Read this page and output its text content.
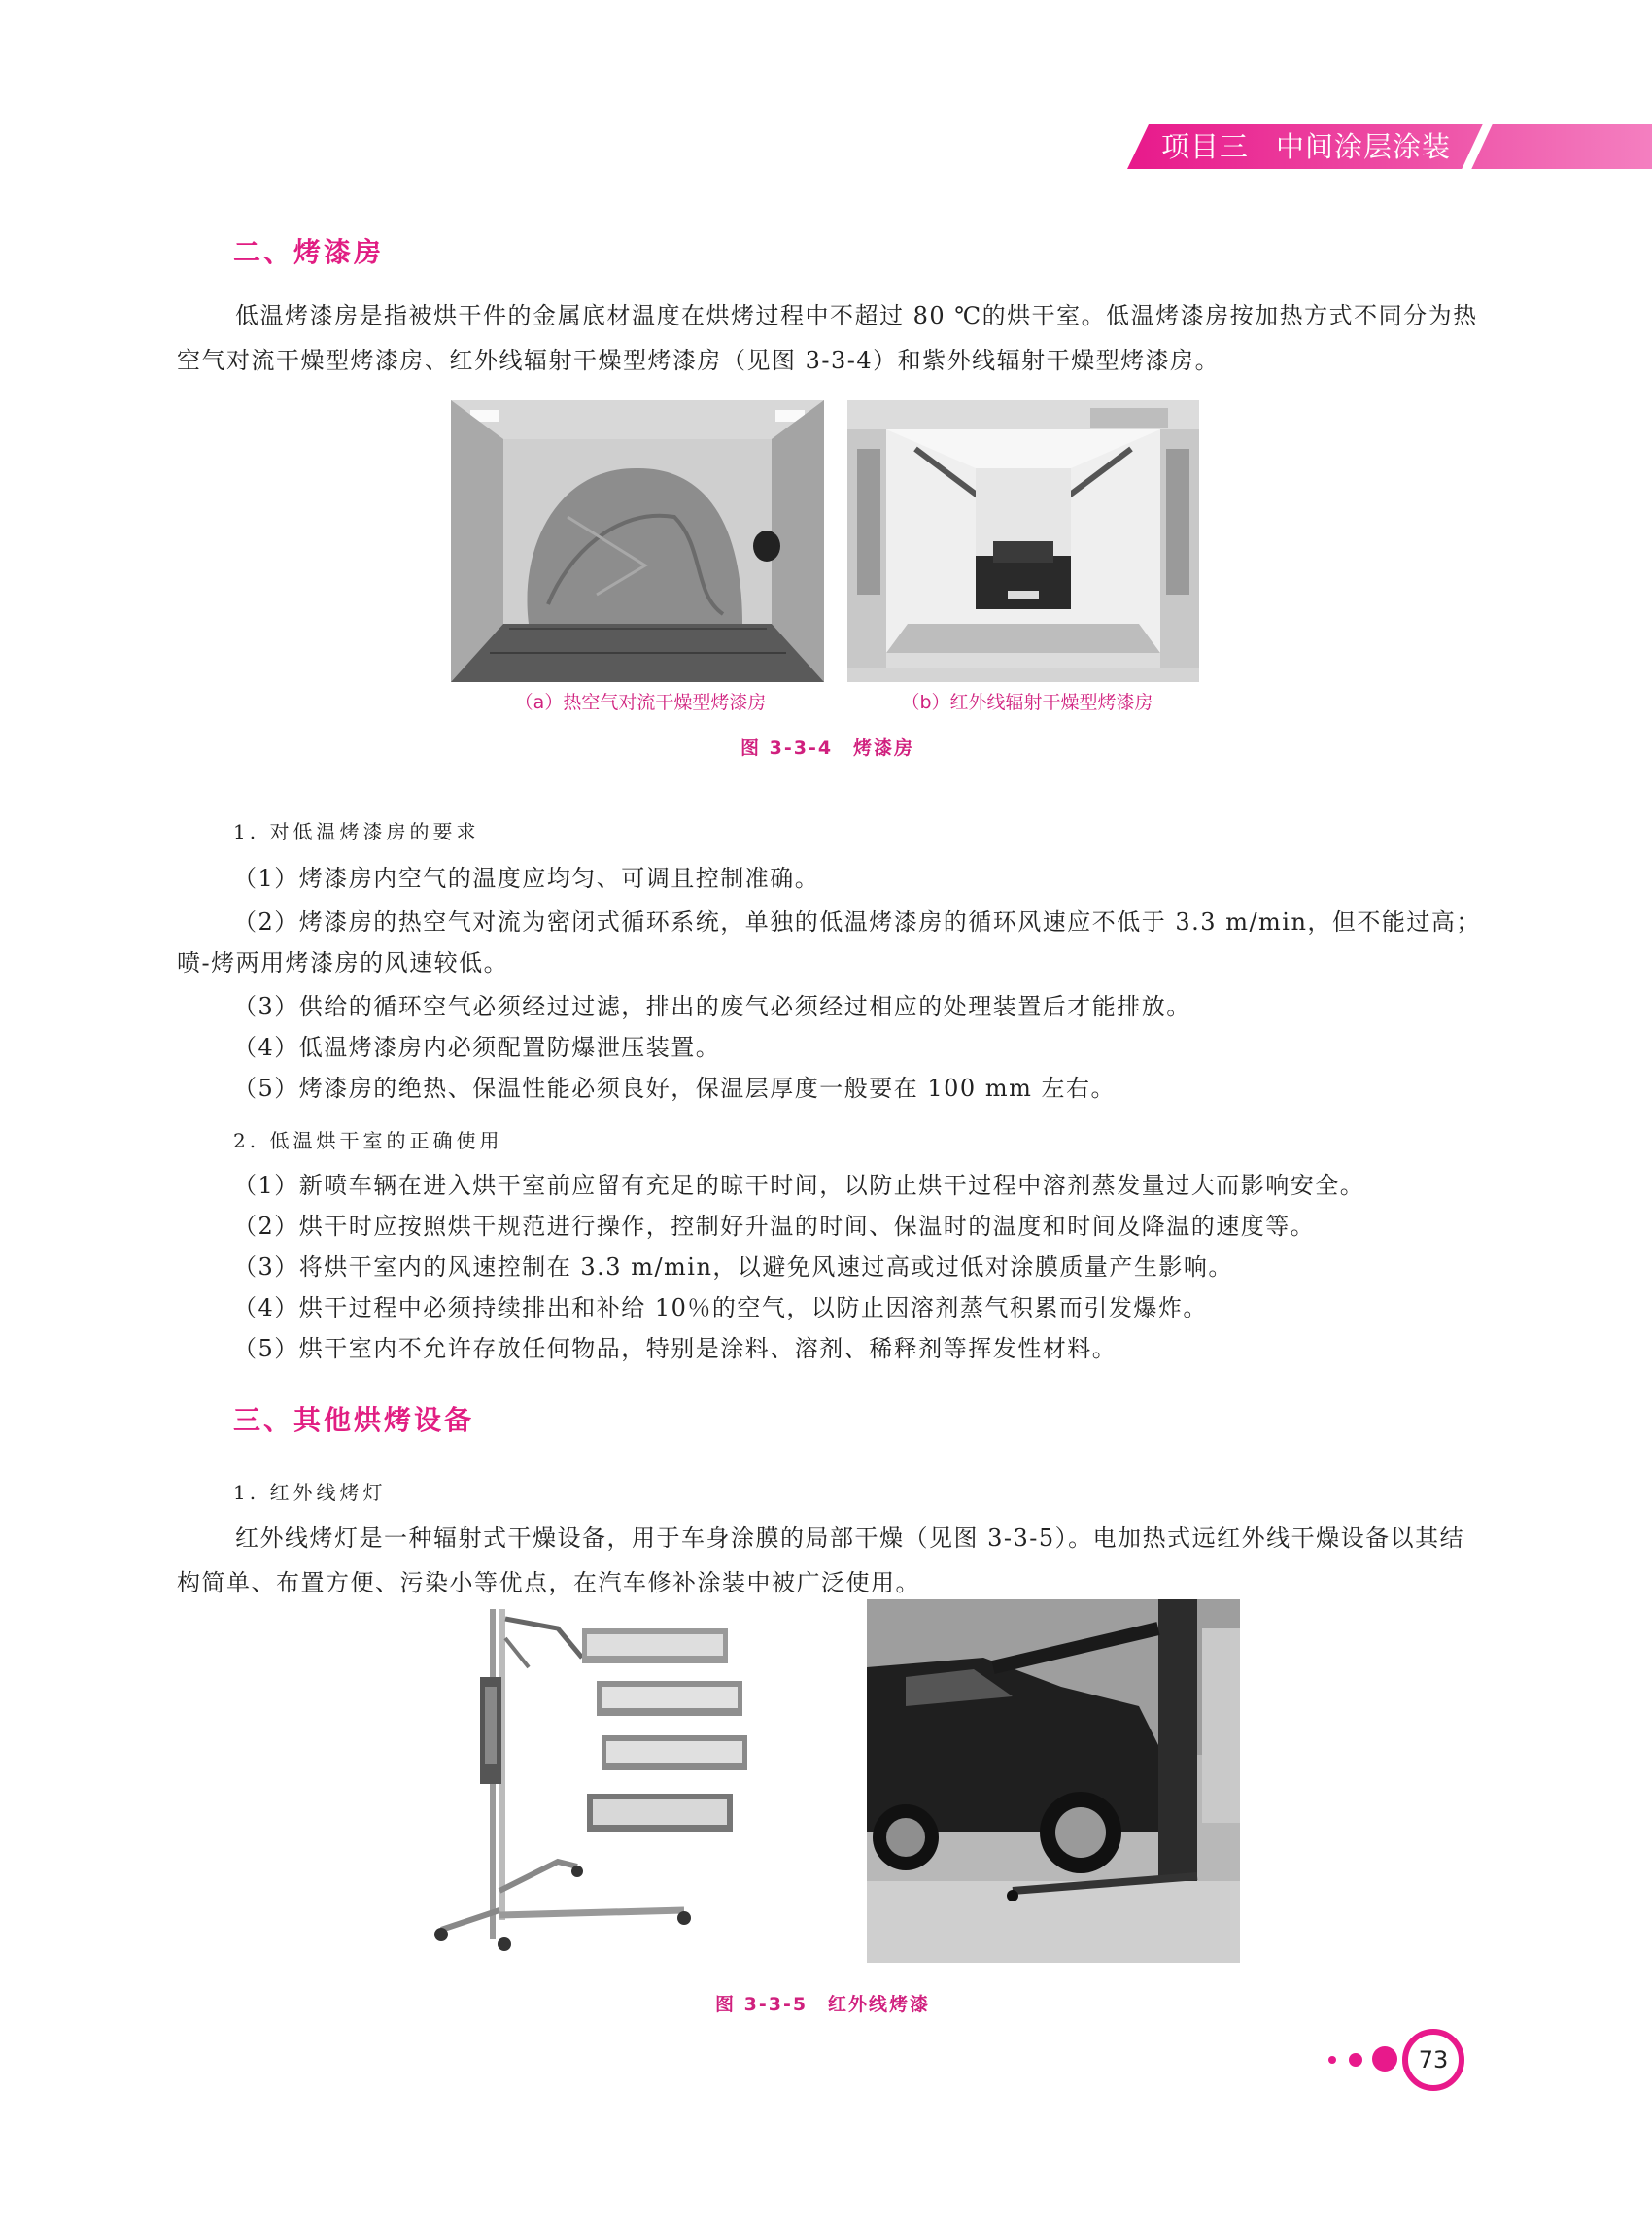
项目三 中间涂层涂装
二、烤漆房
低温烤漆房是指被烘干件的金属底材温度在烘烤过程中不超过 80 ℃的烘干室。低温烤漆房按加热方式不同分为热空气对流干燥型烤漆房、红外线辐射干燥型烤漆房（见图 3-3-4）和紫外线辐射干燥型烤漆房。
（a）热空气对流干燥型烤漆房	（b）红外线辐射干燥型烤漆房
图 3-3-4　烤漆房
1. 对低温烤漆房的要求
（1）烤漆房内空气的温度应均匀、可调且控制准确。
（2）烤漆房的热空气对流为密闭式循环系统，单独的低温烤漆房的循环风速应不低于 3.3 m/min，但不能过高；喷-烤两用烤漆房的风速较低。
（3）供给的循环空气必须经过过滤，排出的废气必须经过相应的处理装置后才能排放。
（4）低温烤漆房内必须配置防爆泄压装置。
（5）烤漆房的绝热、保温性能必须良好，保温层厚度一般要在 100 mm 左右。
2. 低温烘干室的正确使用
（1）新喷车辆在进入烘干室前应留有充足的晾干时间，以防止烘干过程中溶剂蒸发量过大而影响安全。
（2）烘干时应按照烘干规范进行操作，控制好升温的时间、保温时的温度和时间及降温的速度等。
（3）将烘干室内的风速控制在 3.3 m/min，以避免风速过高或过低对涂膜质量产生影响。
（4）烘干过程中必须持续排出和补给 10％的空气，以防止因溶剂蒸气积累而引发爆炸。
（5）烘干室内不允许存放任何物品，特别是涂料、溶剂、稀释剂等挥发性材料。
三、其他烘烤设备
1. 红外线烤灯
红外线烤灯是一种辐射式干燥设备，用于车身涂膜的局部干燥（见图 3-3-5）。电加热式远红外线干燥设备以其结构简单、布置方便、污染小等优点，在汽车修补涂装中被广泛使用。
图 3-3-5　红外线烤漆
73
